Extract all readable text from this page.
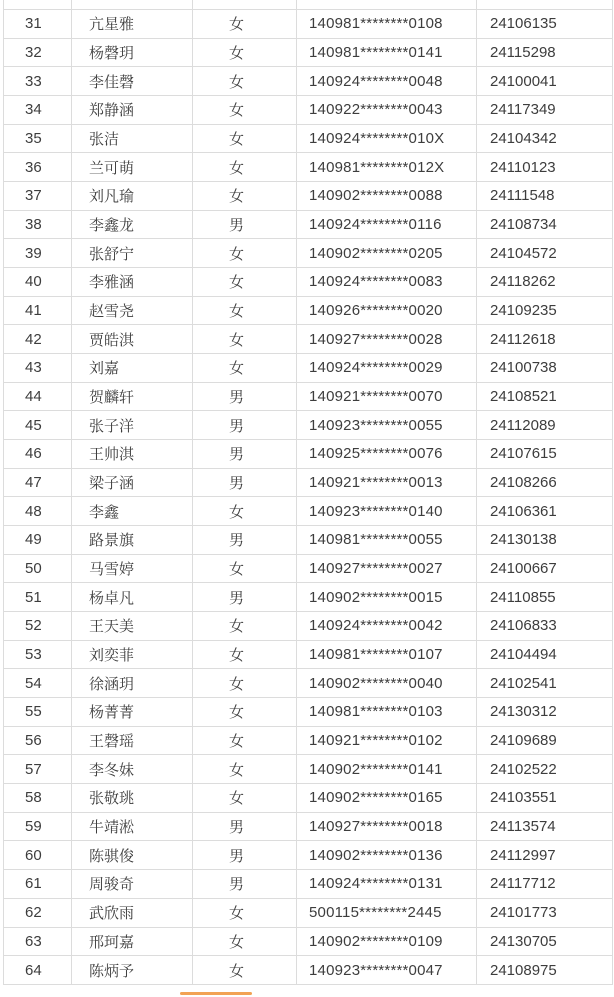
31	亢星雅	女	140981********0108	24106135
32	杨磬玥	女	140981********0141	24115298
33	李佳磬	女	140924********0048	24100041
34	郑静涵	女	140922********0043	24117349
35	张洁	女	140924********010X	24104342
36	兰可萌	女	140981********012X	24110123
37	刘凡瑜	女	140902********0088	24111548
38	李鑫龙	男	140924********0116	24108734
39	张舒宁	女	140902********0205	24104572
40	李雅涵	女	140924********0083	24118262
41	赵雪尧	女	140926********0020	24109235
42	贾皓淇	女	140927********0028	24112618
43	刘嘉	女	140924********0029	24100738
44	贺麟轩	男	140921********0070	24108521
45	张子洋	男	140923********0055	24112089
46	王帅淇	男	140925********0076	24107615
47	梁子涵	男	140921********0013	24108266
48	李鑫	女	140923********0140	24106361
49	路景旗	男	140981********0055	24130138
50	马雪婷	女	140927********0027	24100667
51	杨卓凡	男	140902********0015	24110855
52	王天美	女	140924********0042	24106833
53	刘奕菲	女	140981********0107	24104494
54	徐涵玥	女	140902********0040	24102541
55	杨菁菁	女	140981********0103	24130312
56	王磬瑶	女	140921********0102	24109689
57	李冬妹	女	140902********0141	24102522
58	张敬珧	女	140902********0165	24103551
59	牛靖淞	男	140927********0018	24113574
60	陈骐俊	男	140902********0136	24112997
61	周骏奇	男	140924********0131	24117712
62	武欣雨	女	500115********2445	24101773
63	邢珂嘉	女	140902********0109	24130705
64	陈炳予	女	140923********0047	24108975
